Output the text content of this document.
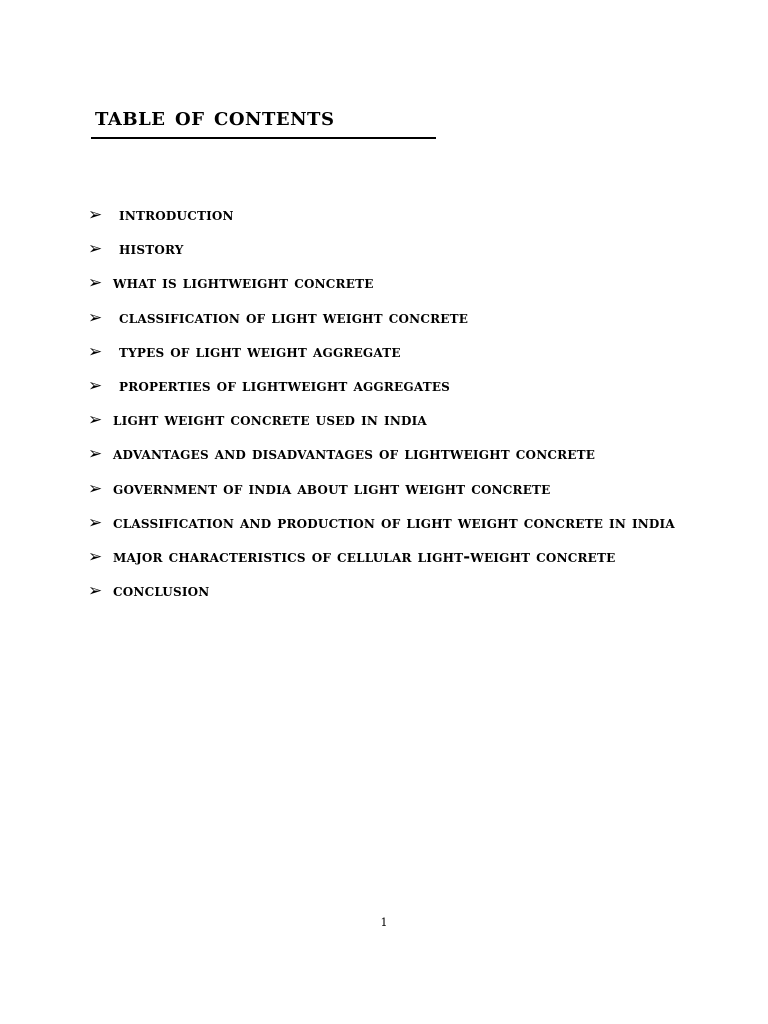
table of contents
➢ introduction
➢ history
➢ what is lightweight concrete
➢ classification of light weight concrete
➢ types of light weight aggregate
➢ properties of lightweight aggregates
➢ light weight concrete used in india
➢ advantages and disadvantages of lightweight concrete
➢ government of india about light weight concrete
➢ classification and production of light weight concrete in india
➢ major characteristics of cellular light-weight concrete
➢ conclusion
1
